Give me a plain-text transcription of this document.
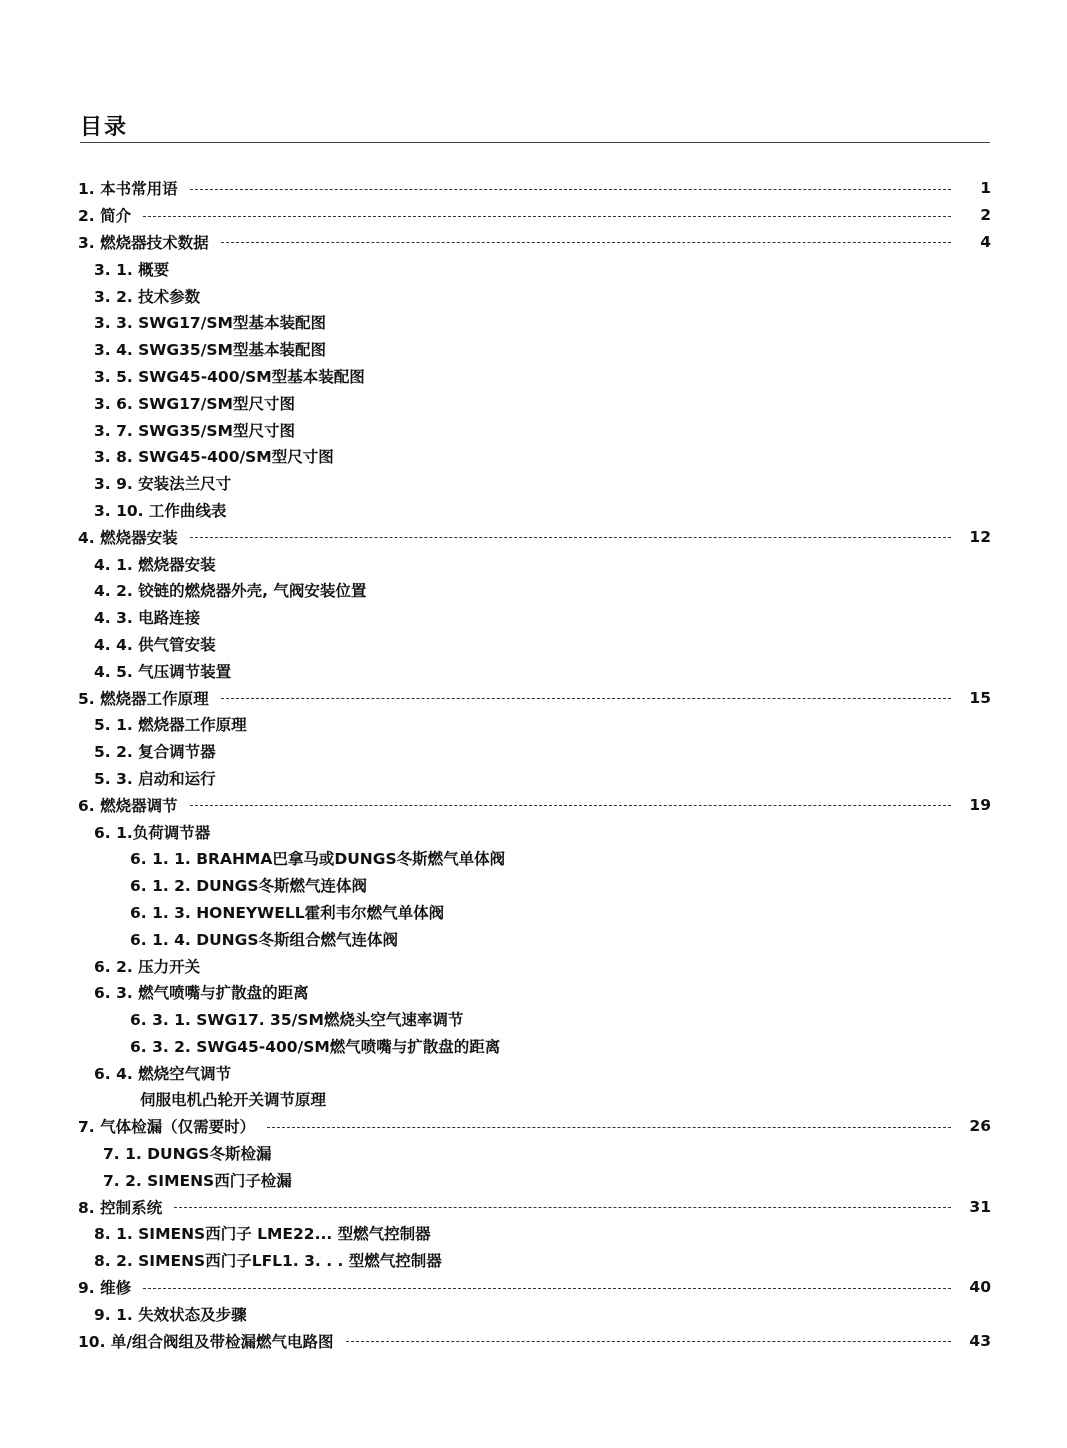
目录
1. 本书常用语	1
2. 简介	2
3. 燃烧器技术数据	4
3. 1. 概要
3. 2. 技术参数
3. 3. SWG17/SM型基本装配图
3. 4. SWG35/SM型基本装配图
3. 5. SWG45-400/SM型基本装配图
3. 6. SWG17/SM型尺寸图
3. 7. SWG35/SM型尺寸图
3. 8. SWG45-400/SM型尺寸图
3. 9. 安装法兰尺寸
3. 10. 工作曲线表
4. 燃烧器安装	12
4. 1. 燃烧器安装
4. 2. 铰链的燃烧器外壳, 气阀安装位置
4. 3. 电路连接
4. 4. 供气管安装
4. 5. 气压调节装置
5. 燃烧器工作原理	15
5. 1. 燃烧器工作原理
5. 2. 复合调节器
5. 3. 启动和运行
6. 燃烧器调节	19
6. 1.负荷调节器
6. 1. 1. BRAHMA巴拿马或DUNGS冬斯燃气单体阀
6. 1. 2. DUNGS冬斯燃气连体阀
6. 1. 3. HONEYWELL霍利韦尔燃气单体阀
6. 1. 4. DUNGS冬斯组合燃气连体阀
6. 2. 压力开关
6. 3. 燃气喷嘴与扩散盘的距离
6. 3. 1. SWG17. 35/SM燃烧头空气速率调节
6. 3. 2. SWG45-400/SM燃气喷嘴与扩散盘的距离
6. 4. 燃烧空气调节
伺服电机凸轮开关调节原理
7. 气体检漏（仅需要时）	26
7. 1. DUNGS冬斯检漏
7. 2. SIMENS西门子检漏
8. 控制系统	31
8. 1. SIMENS西门子 LME22... 型燃气控制器
8. 2. SIMENS西门子LFL1. 3. . . 型燃气控制器
9. 维修	40
9. 1. 失效状态及步骤
10. 单/组合阀组及带检漏燃气电路图	43
